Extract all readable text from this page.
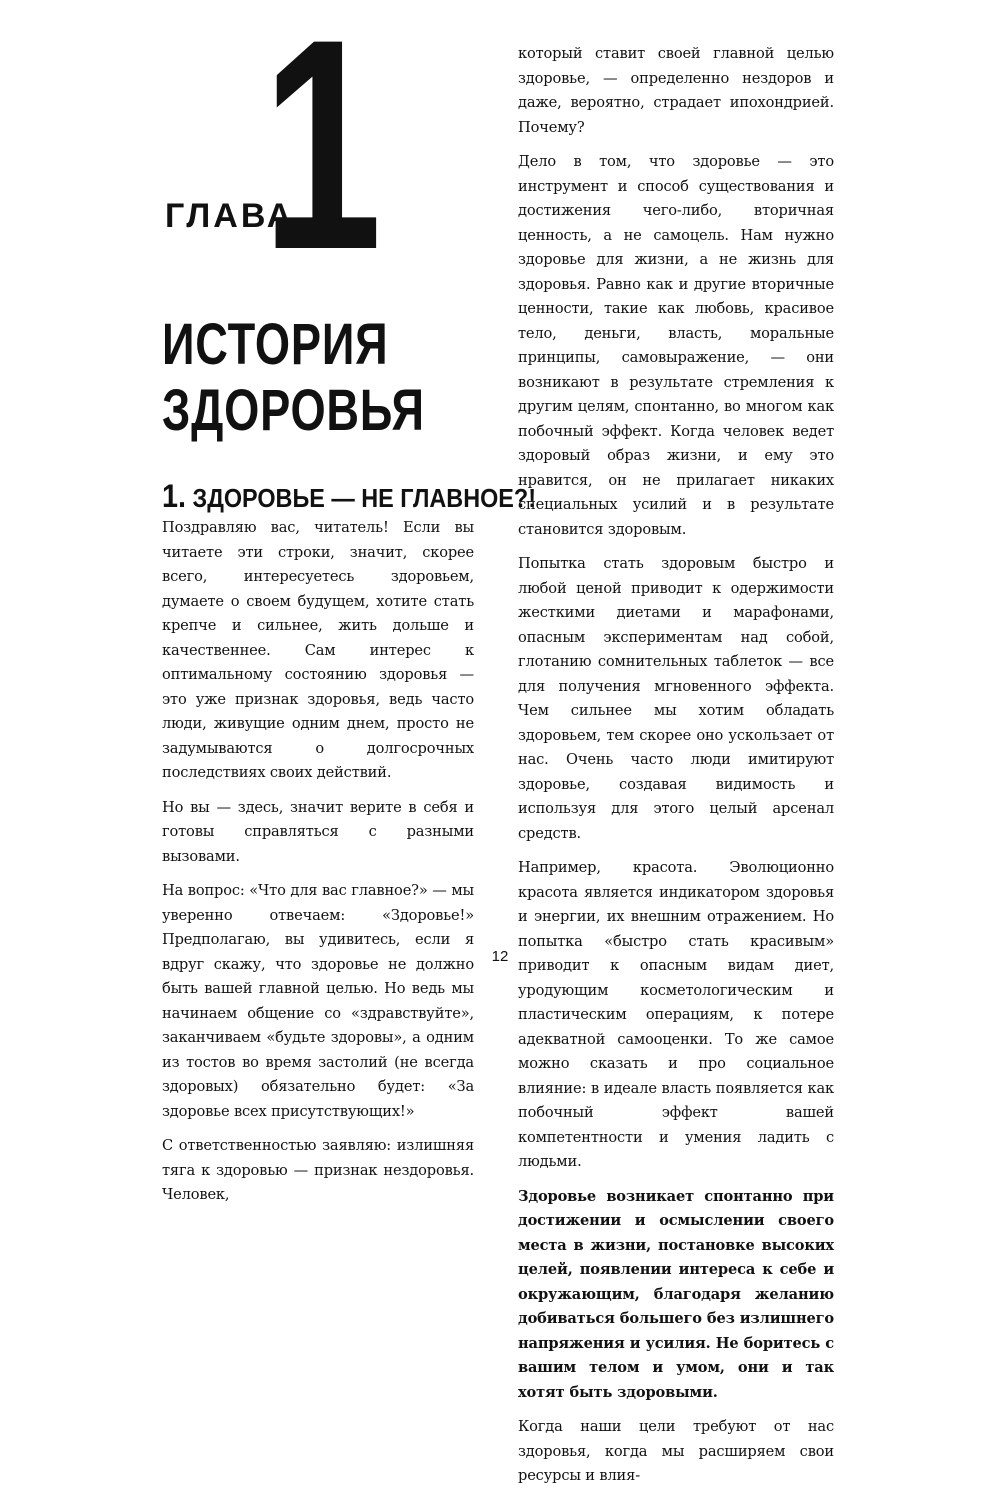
1
ГЛАВА
ИСТОРИЯ
ЗДОРОВЬЯ
1. ЗДОРОВЬЕ — НЕ ГЛАВНОЕ?!

Поздравляю вас, читатель! Если вы читаете эти строки, значит, скорее всего, интересуетесь здоровьем, думаете о своем будущем, хотите стать крепче и сильнее, жить дольше и качественнее. Сам интерес к оптимальному состоянию здоровья — это уже признак здоровья, ведь часто люди, живущие одним днем, просто не задумываются о долгосрочных последствиях своих действий.

Но вы — здесь, значит верите в себя и готовы справляться с разными вызовами.

На вопрос: «Что для вас главное?» — мы уверенно отвечаем: «Здоровье!» Предполагаю, вы удивитесь, если я вдруг скажу, что здоровье не должно быть вашей главной целью. Но ведь мы начинаем общение со «здравствуйте», заканчиваем «будьте здоровы», а одним из тостов во время застолий (не всегда здоровых) обязательно будет: «За здоровье всех присутствующих!»

С ответственностью заявляю: излишняя тяга к здоровью — признак нездоровья. Человек,

который ставит своей главной целью здоровье, — определенно нездоров и даже, вероятно, страдает ипохондрией. Почему?

Дело в том, что здоровье — это инструмент и способ существования и достижения чего-либо, вторичная ценность, а не самоцель. Нам нужно здоровье для жизни, а не жизнь для здоровья. Равно как и другие вторичные ценности, такие как любовь, красивое тело, деньги, власть, моральные принципы, самовыражение, — они возникают в результате стремления к другим целям, спонтанно, во многом как побочный эффект. Когда человек ведет здоровый образ жизни, и ему это нравится, он не прилагает никаких специальных усилий и в результате становится здоровым.

Попытка стать здоровым быстро и любой ценой приводит к одержимости жесткими диетами и марафонами, опасным экспериментам над собой, глотанию сомнительных таблеток — все для получения мгновенного эффекта. Чем сильнее мы хотим обладать здоровьем, тем скорее оно ускользает от нас. Очень часто люди имитируют здоровье, создавая видимость и используя для этого целый арсенал средств.

Например, красота. Эволюционно красота является индикатором здоровья и энергии, их внешним отражением. Но попытка «быстро стать красивым» приводит к опасным видам диет, уродующим косметологическим и пластическим операциям, к потере адекватной самооценки. То же самое можно сказать и про социальное влияние: в идеале власть появляется как побочный эффект вашей компетентности и умения ладить с людьми.

Здоровье возникает спонтанно при достижении и осмыслении своего места в жизни, постановке высоких целей, появлении интереса к себе и окружающим, благодаря желанию добиваться большего без излишнего напряжения и усилия. Не боритесь с вашим телом и умом, они и так хотят быть здоровыми.

Когда наши цели требуют от нас здоровья, когда мы расширяем свои ресурсы и влия-

12
